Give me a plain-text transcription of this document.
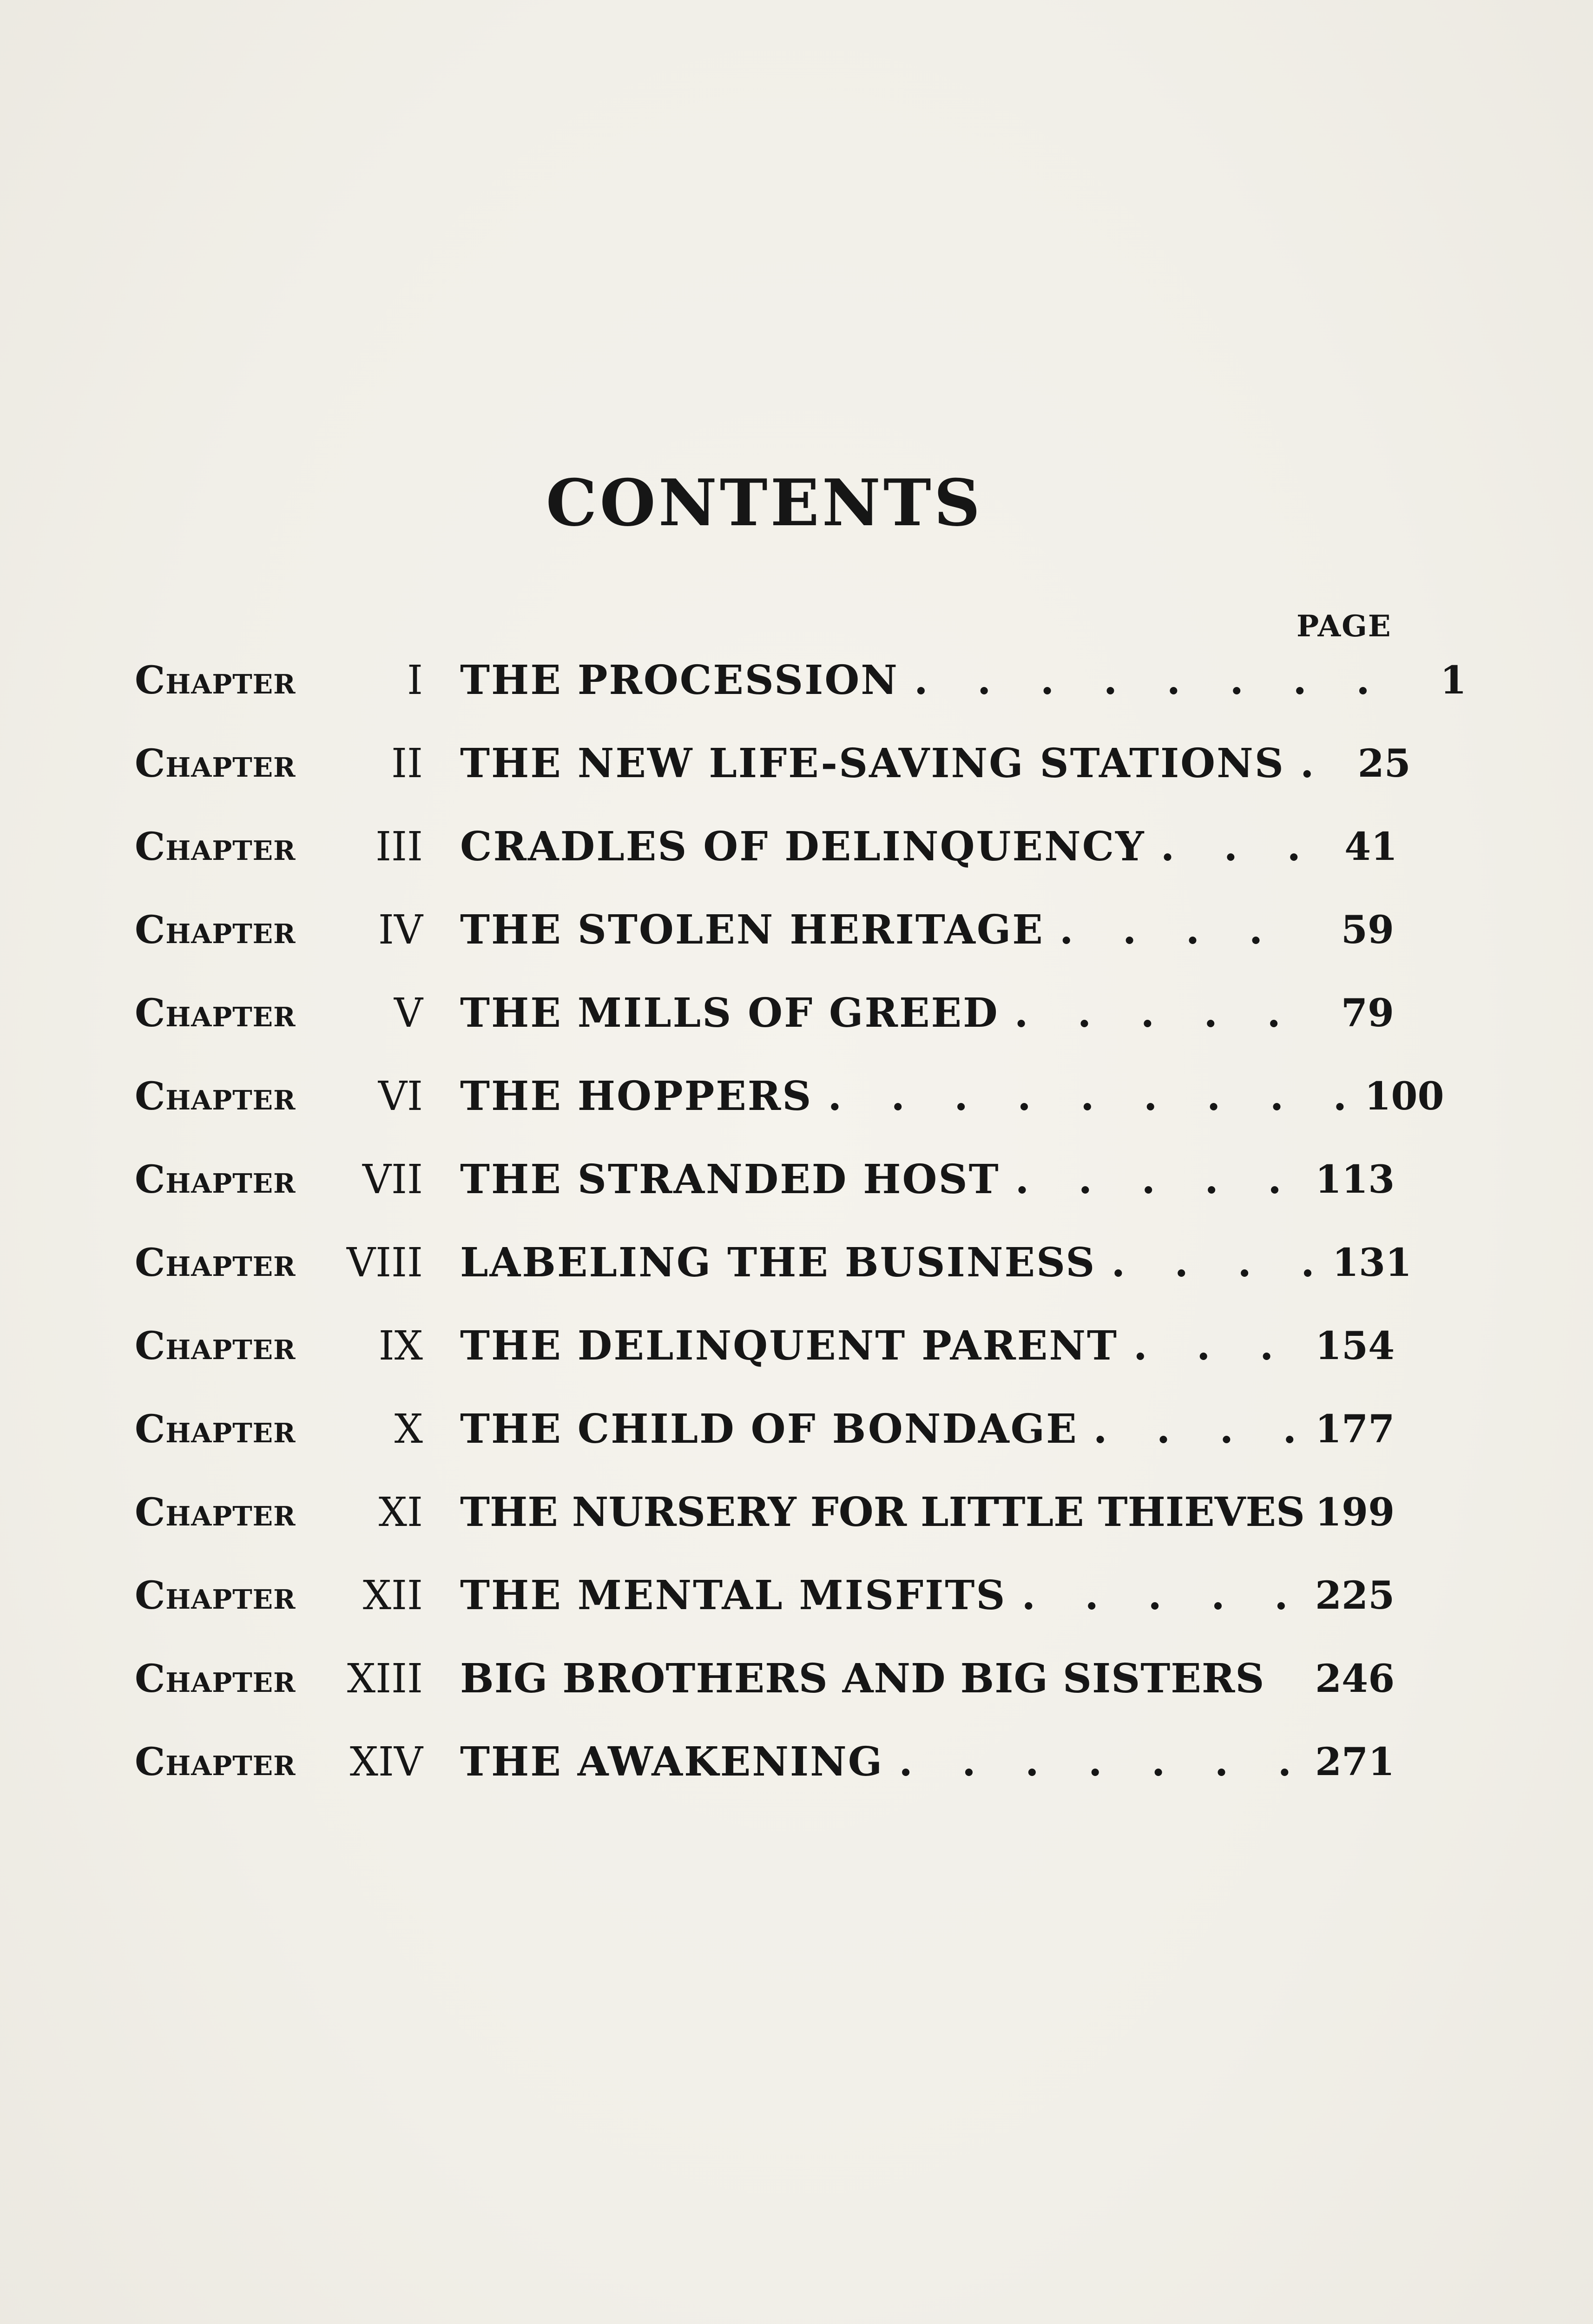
CONTENTS
PAGE
Chapter	I THE PROCESSION . . . . . . . .	1
Chapter	II THE NEW LIFE-SAVING STATIONS . 25
Chapter	III CRADLES OF DELINQUENCY . . . 41
Chapter	IV THE STOLEN HERITAGE . . . .	59
Chapter	V THE MILLS OF GREED . . . . .	79
Chapter	VI THE HOPPERS . . . . . . . . . 100
Chapter	VII THE STRANDED HOST . . . . . 113
Chapter	VIII LABELING THE BUSINESS . . . . 131
Chapter	IX THE DELINQUENT PARENT . . . 154
Chapter	X THE CHILD OF BONDAGE . . . . 177
Chapter	XI THE NURSERY FOR LITTLE THIEVES 199
Chapter	XII THE MENTAL MISFITS . . . . . 225
Chapter	XIII BIG BROTHERS AND BIG SISTERS	246
Chapter	XIV THE AWAKENING . . . . . . . 271
